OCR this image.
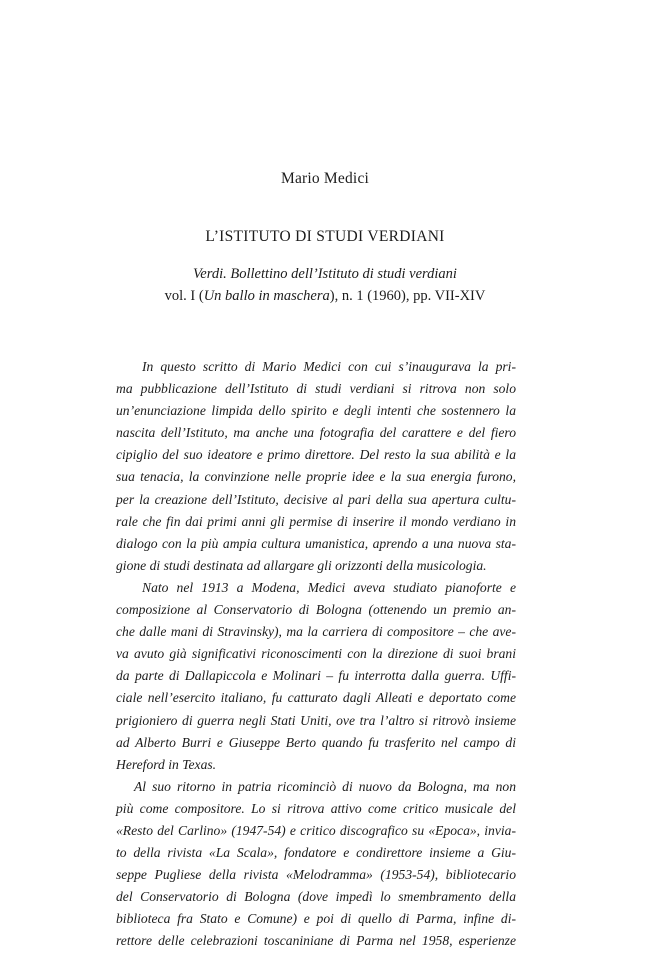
Mario Medici
L’ISTITUTO DI STUDI VERDIANI
Verdi. Bollettino dell’Istituto di studi verdiani
vol. I (Un ballo in maschera), n. 1 (1960), pp. VII-XIV
In questo scritto di Mario Medici con cui s’inaugurava la pri-
ma pubblicazione dell’Istituto di studi verdiani si ritrova non solo
un’enunciazione limpida dello spirito e degli intenti che sostennero la
nascita dell’Istituto, ma anche una fotografia del carattere e del fiero
cipiglio del suo ideatore e primo direttore. Del resto la sua abilità e la
sua tenacia, la convinzione nelle proprie idee e la sua energia furono,
per la creazione dell’Istituto, decisive al pari della sua apertura cultu-
rale che fin dai primi anni gli permise di inserire il mondo verdiano in
dialogo con la più ampia cultura umanistica, aprendo a una nuova sta-
gione di studi destinata ad allargare gli orizzonti della musicologia.
Nato nel 1913 a Modena, Medici aveva studiato pianoforte e
composizione al Conservatorio di Bologna (ottenendo un premio an-
che dalle mani di Stravinsky), ma la carriera di compositore – che ave-
va avuto già significativi riconoscimenti con la direzione di suoi brani
da parte di Dallapiccola e Molinari – fu interrotta dalla guerra. Uffi-
ciale nell’esercito italiano, fu catturato dagli Alleati e deportato come
prigioniero di guerra negli Stati Uniti, ove tra l’altro si ritrovò insieme
ad Alberto Burri e Giuseppe Berto quando fu trasferito nel campo di
Hereford in Texas.
Al suo ritorno in patria ricominciò di nuovo da Bologna, ma non
più come compositore. Lo si ritrova attivo come critico musicale del
«Resto del Carlino» (1947-54) e critico discografico su «Epoca», invia-
to della rivista «La Scala», fondatore e condirettore insieme a Giu-
seppe Pugliese della rivista «Melodramma» (1953-54), bibliotecario
del Conservatorio di Bologna (dove impedì lo smembramento della
biblioteca fra Stato e Comune) e poi di quello di Parma, infine di-
rettore delle celebrazioni toscaniniane di Parma nel 1958, esperienze
